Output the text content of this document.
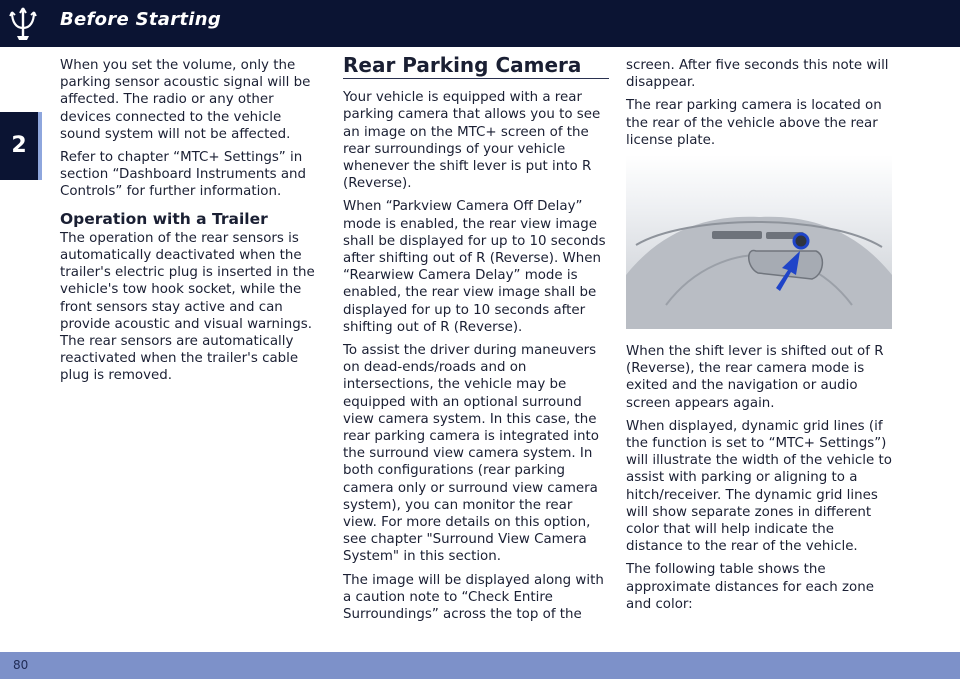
Before Starting
2

When you set the volume, only the parking sensor acoustic signal will be affected. The radio or any other devices connected to the vehicle sound system will not be affected.

Refer to chapter “MTC+ Settings” in section “Dashboard Instruments and Controls” for further information.

Operation with a Trailer

The operation of the rear sensors is automatically deactivated when the trailer's electric plug is inserted in the vehicle's tow hook socket, while the front sensors stay active and can provide acoustic and visual warnings. The rear sensors are automatically reactivated when the trailer's cable plug is removed.

Rear Parking Camera

Your vehicle is equipped with a rear parking camera that allows you to see an image on the MTC+ screen of the rear surroundings of your vehicle whenever the shift lever is put into R (Reverse).

When “Parkview Camera Off Delay” mode is enabled, the rear view image shall be displayed for up to 10 seconds after shifting out of R (Reverse). When “Rearwiew Camera Delay” mode is enabled, the rear view image shall be displayed for up to 10 seconds after shifting out of R (Reverse).

To assist the driver during maneuvers on dead-ends/roads and on intersections, the vehicle may be equipped with an optional surround view camera system. In this case, the rear parking camera is integrated into the surround view camera system. In both configurations (rear parking camera only or surround view camera system), you can monitor the rear view. For more details on this option, see chapter "Surround View Camera System" in this section.

The image will be displayed along with a caution note to “Check Entire Surroundings” across the top of the

screen. After five seconds this note will disappear.

The rear parking camera is located on the rear of the vehicle above the rear license plate.

When the shift lever is shifted out of R (Reverse), the rear camera mode is exited and the navigation or audio screen appears again.

When displayed, dynamic grid lines (if the function is set to “MTC+ Settings”) will illustrate the width of the vehicle to assist with parking or aligning to a hitch/receiver. The dynamic grid lines will show separate zones in different color that will help indicate the distance to the rear of the vehicle.

The following table shows the approximate distances for each zone and color:

80
